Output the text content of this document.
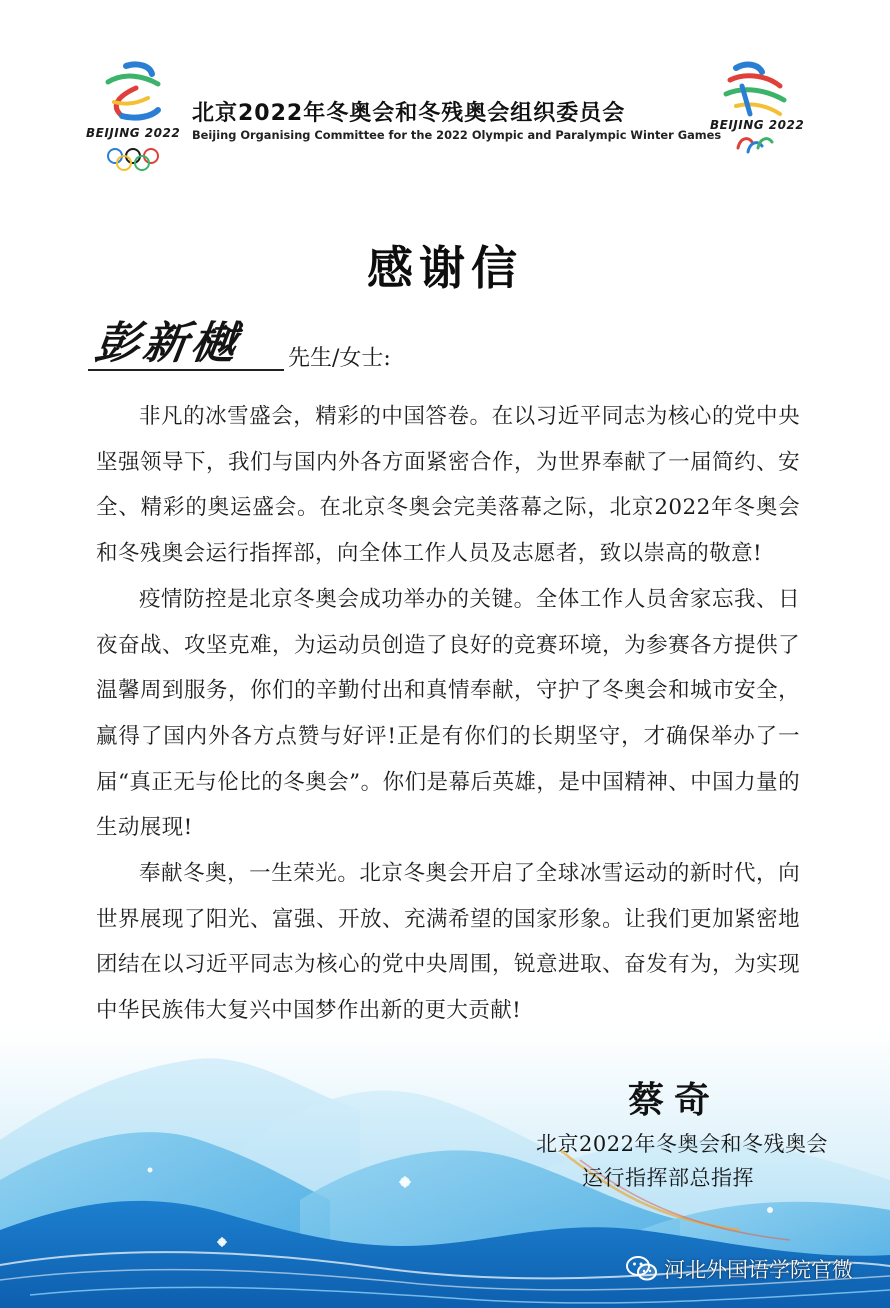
BEIJING 2022
BEIJING 2022
北京2022年冬奥会和冬残奥会组织委员会
Beijing Organising Committee for the 2022 Olympic and Paralympic Winter Games
感谢信
彭新樾 先生/女士:

非凡的冰雪盛会，精彩的中国答卷。在以习近平同志为核心的党中央坚强领导下，我们与国内外各方面紧密合作，为世界奉献了一届简约、安全、精彩的奥运盛会。在北京冬奥会完美落幕之际，北京2022年冬奥会和冬残奥会运行指挥部，向全体工作人员及志愿者，致以崇高的敬意!

疫情防控是北京冬奥会成功举办的关键。全体工作人员舍家忘我、日夜奋战、攻坚克难，为运动员创造了良好的竞赛环境，为参赛各方提供了温馨周到服务，你们的辛勤付出和真情奉献，守护了冬奥会和城市安全，赢得了国内外各方点赞与好评!正是有你们的长期坚守，才确保举办了一届“真正无与伦比的冬奥会”。你们是幕后英雄，是中国精神、中国力量的生动展现!

奉献冬奥，一生荣光。北京冬奥会开启了全球冰雪运动的新时代，向世界展现了阳光、富强、开放、充满希望的国家形象。让我们更加紧密地团结在以习近平同志为核心的党中央周围，锐意进取、奋发有为，为实现中华民族伟大复兴中国梦作出新的更大贡献!

蔡奇
北京2022年冬奥会和冬残奥会
运行指挥部总指挥
河北外国语学院官微
